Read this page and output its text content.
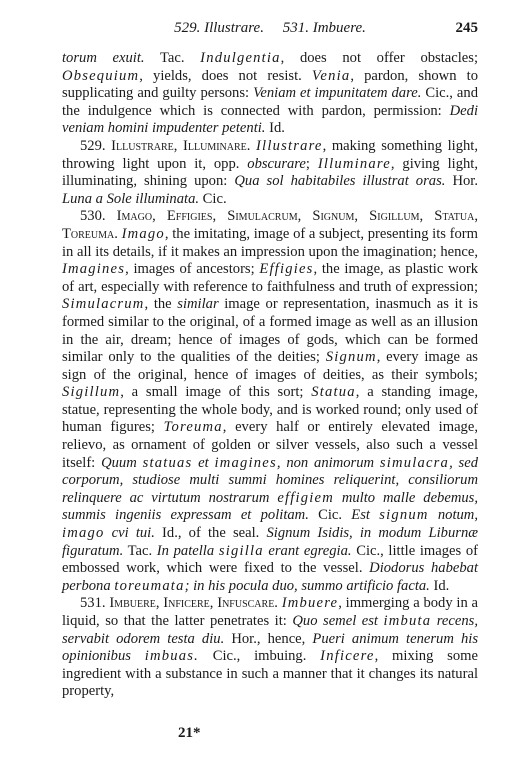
529. Illustrare. 531. Imbuere.	245

torum exuit. Tac. Indulgentia, does not offer obstacles; Obsequium, yields, does not resist. Venia, pardon, shown to supplicating and guilty persons: Veniam et impunitatem dare. Cic., and the indulgence which is connected with pardon, permission: Dedi veniam homini impudenter petenti. Id.

529. Illustrare, Illuminare. Illustrare, making something light, throwing light upon it, opp. obscurare; Illuminare, giving light, illuminating, shining upon: Qua sol habitabiles illustrat oras. Hor. Luna a Sole illuminata. Cic.

530. Imago, Effigies, Simulacrum, Signum, Sigillum, Statua, Toreuma. Imago, the imitating, image of a subject, presenting its form in all its details, if it makes an impression upon the imagination; hence, Imagines, images of ancestors; Effigies, the image, as plastic work of art, especially with reference to faithfulness and truth of expression; Simulacrum, the similar image or representation, inasmuch as it is formed similar to the original, of a formed image as well as an illusion in the air, dream; hence of images of gods, which can be formed similar only to the qualities of the deities; Signum, every image as sign of the original, hence of images of deities, as their symbols; Sigillum, a small image of this sort; Statua, a standing image, statue, representing the whole body, and is worked round; only used of human figures; Toreuma, every half or entirely elevated image, relievo, as ornament of golden or silver vessels, also such a vessel itself: Quum statuas et imagines, non animorum simulacra, sed corporum, studiose multi summi homines reliquerint, consiliorum relinquere ac virtutum nostrarum effigiem multo malle debemus, summis ingeniis expressam et politam. Cic. Est signum notum, imago cvi tui. Id., of the seal. Signum Isidis, in modum Liburnæ figuratum. Tac. In patella sigilla erant egregia. Cic., little images of embossed work, which were fixed to the vessel. Diodorus habebat perbona toreumata; in his pocula duo, summo artificio facta. Id.

531. Imbuere, Inficere, Infuscare. Imbuere, immerging a body in a liquid, so that the latter penetrates it: Quo semel est imbuta recens, servabit odorem testa diu. Hor., hence, Pueri animum tenerum his opinionibus imbuas. Cic., imbuing. Inficere, mixing some ingredient with a substance in such a manner that it changes its natural property,

21*
